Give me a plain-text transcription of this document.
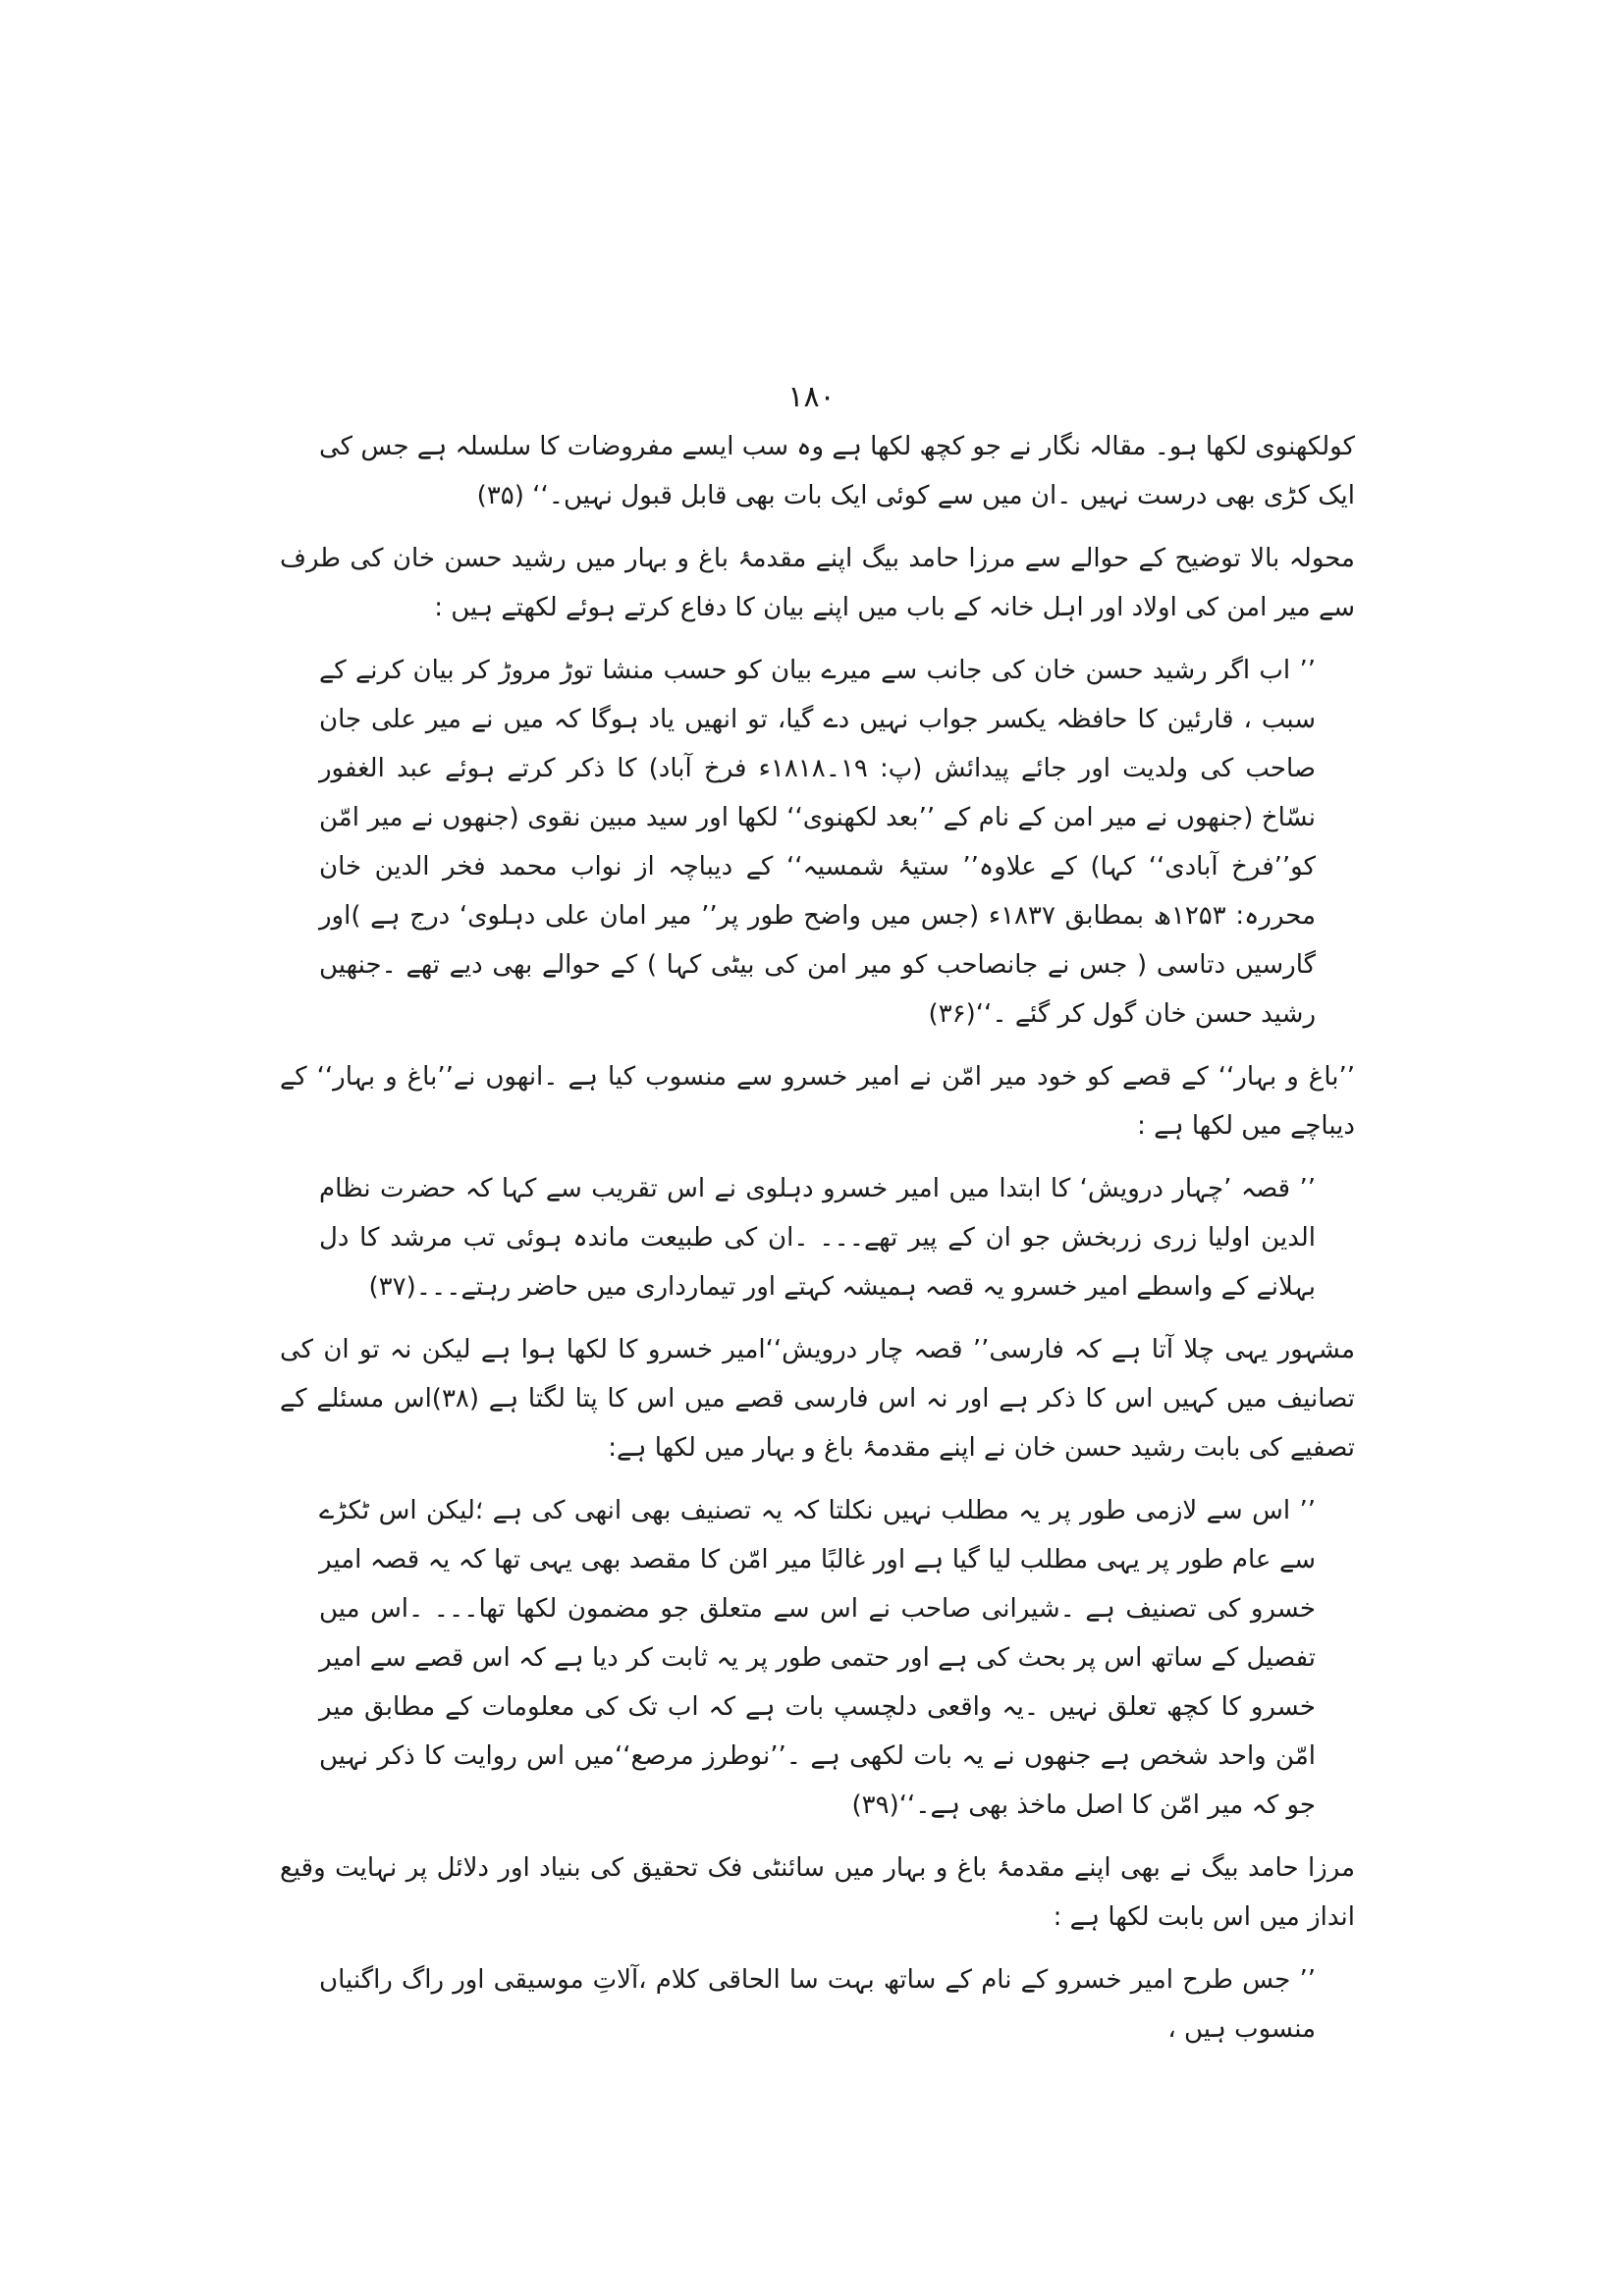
۱۸۰

کولکھنوی لکھا ہو۔ مقالہ نگار نے جو کچھ لکھا ہے وہ سب ایسے مفروضات کا سلسلہ ہے جس کی ایک کڑی بھی درست نہیں ۔ان میں سے کوئی ایک بات بھی قابل قبول نہیں۔‘‘ (۳۵)

محولہ بالا توضیح کے حوالے سے مرزا حامد بیگ اپنے مقدمۂ باغ و بہار میں رشید حسن خان کی طرف سے میر امن کی اولاد اور اہل خانہ کے باب میں اپنے بیان کا دفاع کرتے ہوئے لکھتے ہیں :

’’ اب اگر رشید حسن خان کی جانب سے میرے بیان کو حسب منشا توڑ مروڑ کر بیان کرنے کے سبب ، قارئین کا حافظہ یکسر جواب نہیں دے گیا، تو انھیں یاد ہوگا کہ میں نے میر علی جان صاحب کی ولدیت اور جائے پیدائش (پ: ۱۹۔۱۸۱۸ء فرخ آباد) کا ذکر کرتے ہوئے عبد الغفور نسّاخ (جنھوں نے میر امن کے نام کے ’’بعد لکھنوی‘‘ لکھا اور سید مبین نقوی (جنھوں نے میر امّن کو’’فرخ آبادی‘‘ کہا) کے علاوہ’’ ستیۂ شمسیہ‘‘ کے دیباچہ از نواب محمد فخر الدین خان محررہ: ۱۲۵۳ھ بمطابق ۱۸۳۷ء (جس میں واضح طور پر’’ میر امان علی دہلوی‘ درج ہے )اور گارسیں دتاسی ( جس نے جانصاحب کو میر امن کی بیٹی کہا ) کے حوالے بھی دیے تھے ۔جنھیں رشید حسن خان گول کر گئے ۔‘‘(۳۶)

’’باغ و بہار‘‘ کے قصے کو خود میر امّن نے امیر خسرو سے منسوب کیا ہے ۔انھوں نے’’باغ و بہار‘‘ کے دیباچے میں لکھا ہے :

’’ قصہ ’چہار درویش‘ کا ابتدا میں امیر خسرو دہلوی نے اس تقریب سے کہا کہ حضرت نظام الدین اولیا زری زربخش جو ان کے پیر تھے۔۔۔ ۔ان کی طبیعت ماندہ ہوئی تب مرشد کا دل بہلانے کے واسطے امیر خسرو یہ قصہ ہمیشہ کہتے اور تیمارداری میں حاضر رہتے۔۔۔(۳۷)

مشہور یہی چلا آتا ہے کہ فارسی’’ قصہ چار درویش‘‘امیر خسرو کا لکھا ہوا ہے لیکن نہ تو ان کی تصانیف میں کہیں اس کا ذکر ہے اور نہ اس فارسی قصے میں اس کا پتا لگتا ہے (۳۸)اس مسئلے کے تصفیے کی بابت رشید حسن خان نے اپنے مقدمۂ باغ و بہار میں لکھا ہے:

’’ اس سے لازمی طور پر یہ مطلب نہیں نکلتا کہ یہ تصنیف بھی انھی کی ہے ؛لیکن اس ٹکڑے سے عام طور پر یہی مطلب لیا گیا ہے اور غالبًا میر امّن کا مقصد بھی یہی تھا کہ یہ قصہ امیر خسرو کی تصنیف ہے ۔شیرانی صاحب نے اس سے متعلق جو مضمون لکھا تھا۔۔۔ ۔اس میں تفصیل کے ساتھ اس پر بحث کی ہے اور حتمی طور پر یہ ثابت کر دیا ہے کہ اس قصے سے امیر خسرو کا کچھ تعلق نہیں ۔یہ واقعی دلچسپ بات ہے کہ اب تک کی معلومات کے مطابق میر امّن واحد شخص ہے جنھوں نے یہ بات لکھی ہے ۔’’نوطرز مرصع‘‘میں اس روایت کا ذکر نہیں جو کہ میر امّن کا اصل ماخذ بھی ہے۔‘‘(۳۹)

مرزا حامد بیگ نے بھی اپنے مقدمۂ باغ و بہار میں سائنٹی فک تحقیق کی بنیاد اور دلائل پر نہایت وقیع انداز میں اس بابت لکھا ہے :

’’ جس طرح امیر خسرو کے نام کے ساتھ بہت سا الحاقی کلام ،آلاتِ موسیقی اور راگ راگنیاں منسوب ہیں ،
